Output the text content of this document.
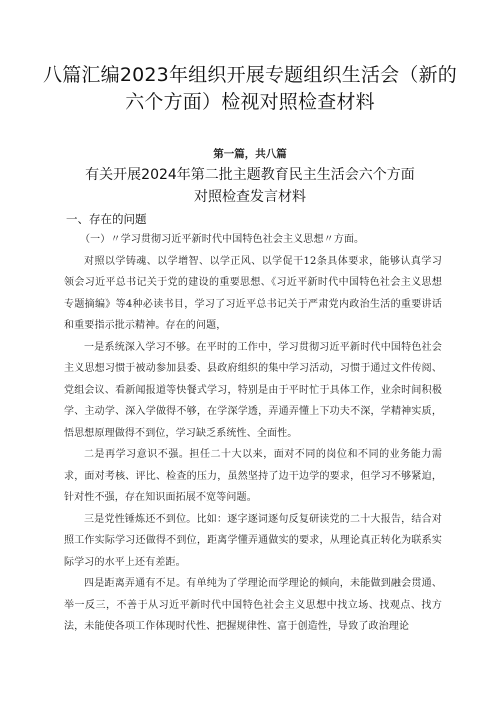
八篇汇编2023年组织开展专题组织生活会（新的六个方面）检视对照检查材料
第一篇，共八篇
有关开展2024年第二批主题教育民主生活会六个方面
对照检查发言材料
一、存在的问题

（一）〃学习贯彻习近平新时代中国特色社会主义思想〃方面。

对照以学铸魂、以学增智、以学正风、以学促干12条具体要求，能够认真学习领会习近平总书记关于党的建设的重要思想、《习近平新时代中国特色社会主义思想专题摘编》等4种必读书目，学习了习近平总书记关于严肃党内政治生活的重要讲话和重要指示批示精神。存在的问题，

一是系统深入学习不够。在平时的工作中，学习贯彻习近平新时代中国特色社会主义思想习惯于被动参加县委、县政府组织的集中学习活动，习惯于通过文件传阅、党组会议、看新闻报道等快餐式学习，特别是由于平时忙于具体工作，业余时间积极学、主动学、深入学做得不够，在学深学透，弄通弄懂上下功夫不深，学精神实质，悟思想原理做得不到位，学习缺乏系统性、全面性。

二是再学习意识不强。担任二十大以来，面对不同的岗位和不同的业务能力需求，面对考核、评比、检查的压力，虽然坚持了边干边学的要求，但学习不够紧迫，针对性不强，存在知识面拓展不宽等问题。

三是党性锤炼还不到位。比如：逐字逐词逐句反复研读党的二十大报告，结合对照工作实际学习还做得不到位，距离学懂弄通做实的要求，从理论真正转化为联系实际学习的水平上还有差距。

四是距离弄通有不足。有单纯为了学理论而学理论的倾向，未能做到融会贯通、举一反三，不善于从习近平新时代中国特色社会主义思想中找立场、找观点、找方法，未能使各项工作体现时代性、把握规律性、富于创造性，导致了政治理论
